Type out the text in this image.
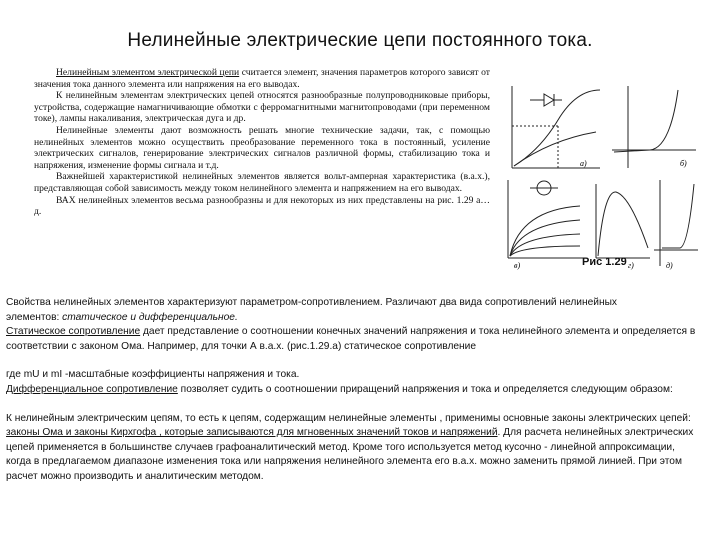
Нелинейные электрические цепи постоянного тока.

Нелинейным элементом электрической цепи считается элемент, значения параметров которого зависят от значения тока данного элемента или напряжения на его выводах.

К нелинейным элементам электрических цепей относятся разнообразные полупроводниковые приборы, устройства, содержащие намагничивающие обмотки с ферромагнитными магнитопроводами (при переменном токе), лампы накаливания, электрическая дуга и др.

Нелинейные элементы дают возможность решать многие технические задачи, так, с помощью нелинейных элементов можно осуществить преобразование переменного тока в постоянный, усиление электрических сигналов, генерирование электрических сигналов различной формы, стабилизацию тока и напряжения, изменение формы сигнала и т.д.

Важнейшей характеристикой нелинейных элементов является вольт-амперная характеристика (в.а.х.), представляющая собой зависимость между током нелинейного элемента и напряжением на его выводах.

ВАХ нелинейных элементов весьма разнообразны и для некоторых из них представлены на рис. 1.29 а…д.

а)	б)
в)	г)	д)
Рис 1.29

Свойства нелинейных элементов характеризуют параметром-сопротивлением. Различают два вида сопротивлений нелинейных
элементов: статическое и дифференциальное.

Статическое сопротивление дает представление о соотношении конечных значений напряжения и тока нелинейного элемента и определяется в соответствии с законом Ома. Например, для точки А в.а.х. (рис.1.29.а) статическое сопротивление

где mU и mI -масштабные коэффициенты напряжения и тока.

Дифференциальное сопротивление позволяет судить о соотношении приращений напряжения и тока и определяется следующим образом:

К нелинейным электрическим цепям, то есть к цепям, содержащим нелинейные элементы , применимы основные законы электрических цепей: законы Ома и законы Кирхгофа , которые записываются для мгновенных значений токов и напряжений. Для расчета нелинейных электрических цепей применяется в большинстве случаев графоаналитический метод. Кроме того используется метод кусочно - линейной аппроксимации, когда в предлагаемом диапазоне изменения тока или напряжения нелинейного элемента его в.а.х. можно заменить прямой линией. При этом расчет можно производить и аналитическим методом.
